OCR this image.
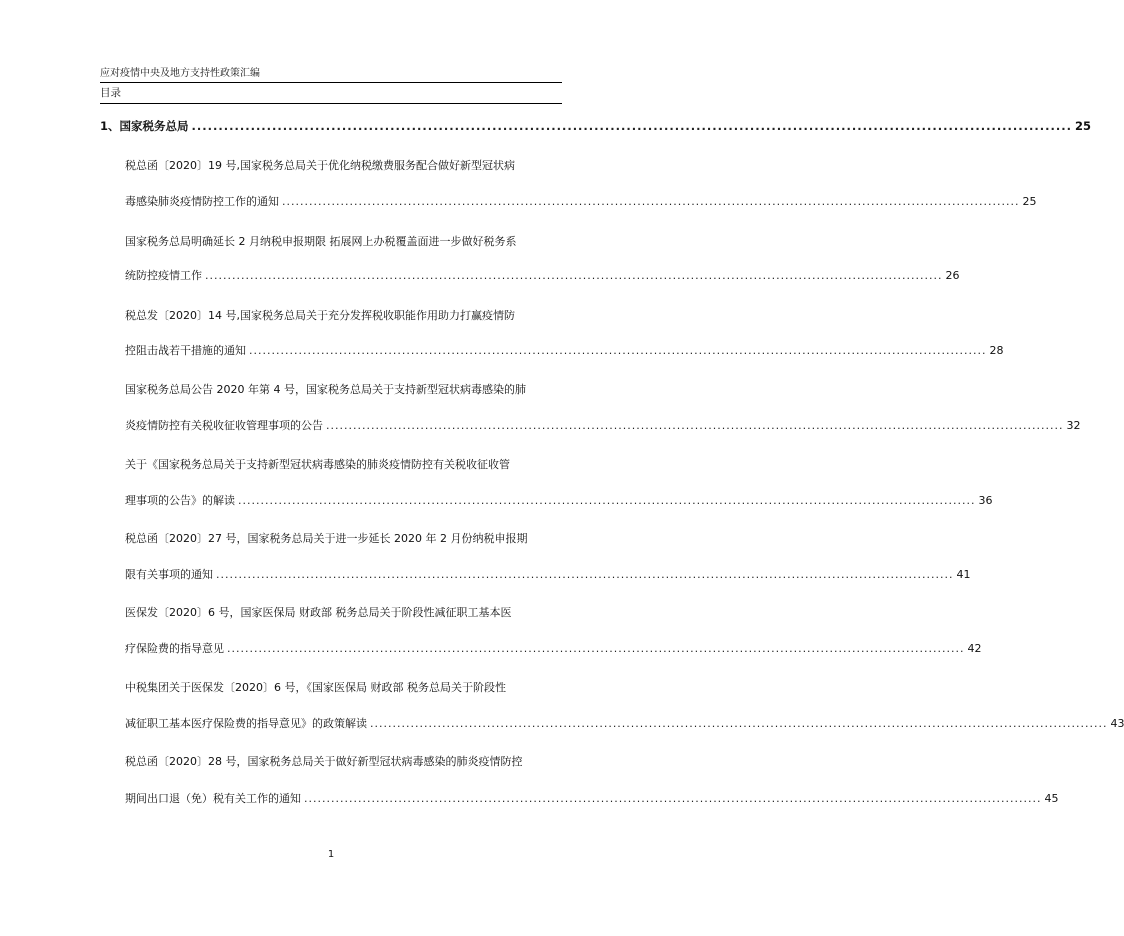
应对疫情中央及地方支持性政策汇编
目录
1、国家税务总局 .................................................................................................................................................................... 25
税总函〔2020〕19 号,国家税务总局关于优化纳税缴费服务配合做好新型冠状病
毒感染肺炎疫情防控工作的通知 .................................................................................................................................................................... 25
国家税务总局明确延长 2 月纳税申报期限 拓展网上办税覆盖面进一步做好税务系
统防控疫情工作 .................................................................................................................................................................... 26
税总发〔2020〕14 号,国家税务总局关于充分发挥税收职能作用助力打赢疫情防
控阻击战若干措施的通知 .................................................................................................................................................................... 28
国家税务总局公告 2020 年第 4 号，国家税务总局关于支持新型冠状病毒感染的肺
炎疫情防控有关税收征收管理事项的公告 .................................................................................................................................................................... 32
关于《国家税务总局关于支持新型冠状病毒感染的肺炎疫情防控有关税收征收管
理事项的公告》的解读 .................................................................................................................................................................... 36
税总函〔2020〕27 号，国家税务总局关于进一步延长 2020 年 2 月份纳税申报期
限有关事项的通知 .................................................................................................................................................................... 41
医保发〔2020〕6 号，国家医保局 财政部 税务总局关于阶段性减征职工基本医
疗保险费的指导意见 .................................................................................................................................................................... 42
中税集团关于医保发〔2020〕6 号，《国家医保局 财政部 税务总局关于阶段性
减征职工基本医疗保险费的指导意见》的政策解读 .................................................................................................................................................................... 43
税总函〔2020〕28 号，国家税务总局关于做好新型冠状病毒感染的肺炎疫情防控
期间出口退（免）税有关工作的通知 .................................................................................................................................................................... 45
1
